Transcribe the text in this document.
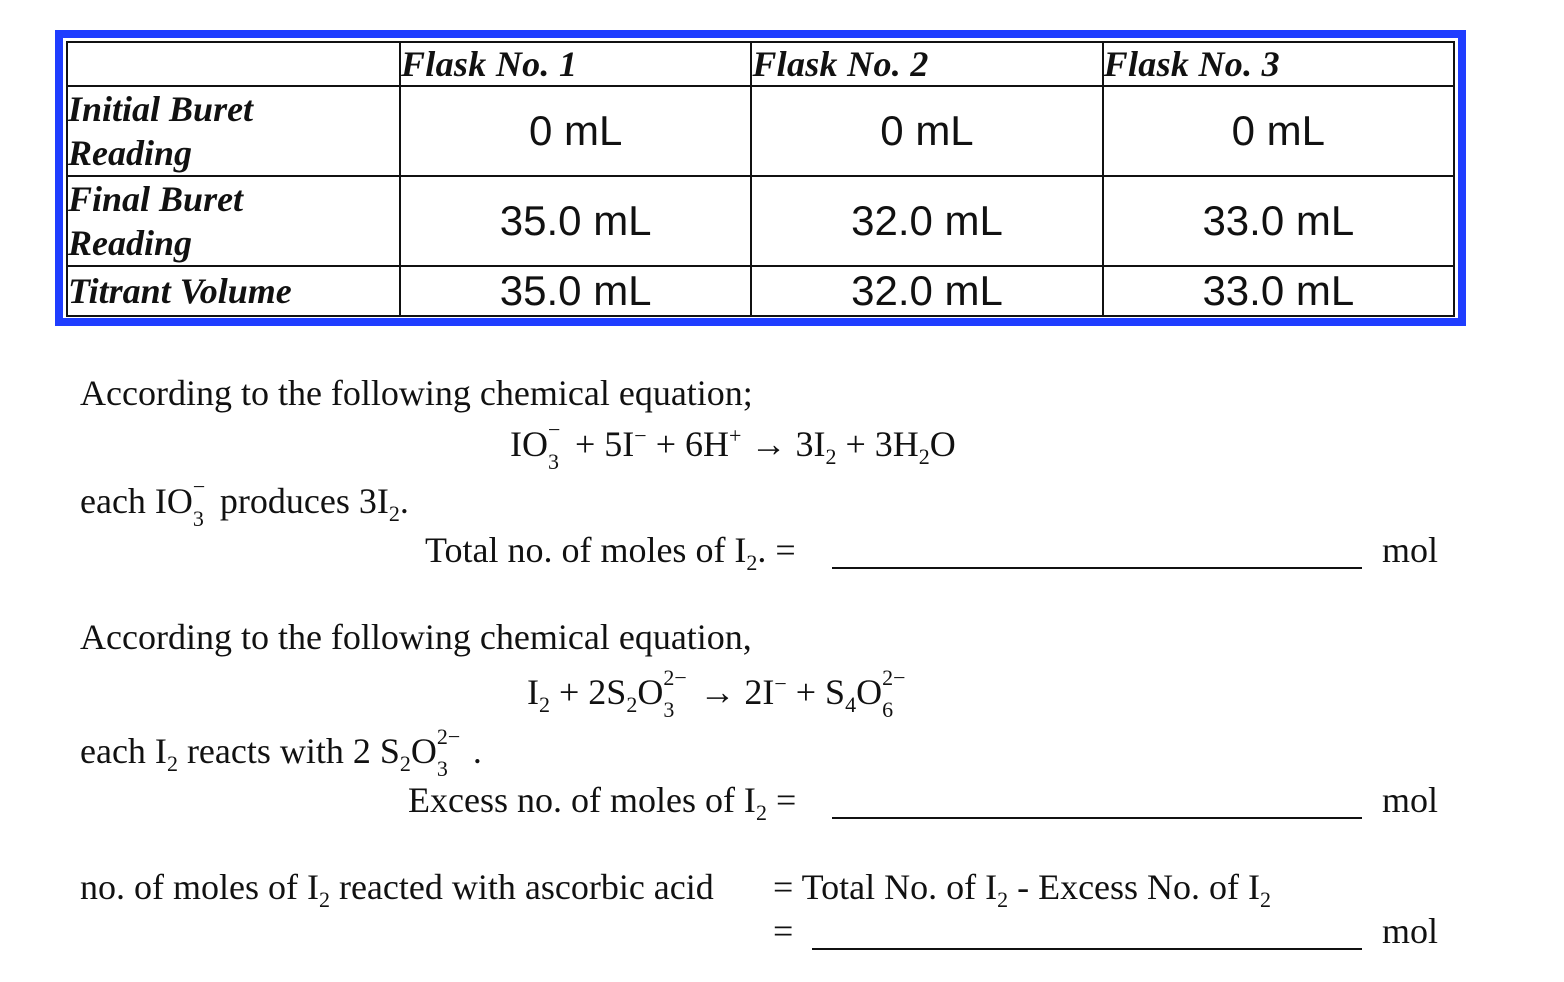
	Flask No. 1	Flask No. 2	Flask No. 3

Initial Buret
Reading	0 mL	0 mL	0 mL

Final Buret
Reading	35.0 mL	32.0 mL	33.0 mL

Titrant Volume	35.0 mL	32.0 mL	33.0 mL
According to the following chemical equation;
IO −
$3 + 5I^- + 6H^+ \to 3I_2 + 3H_2O$
each IO −
3 produces $3I_2$.
Total no. of moles of $I_2$. =	mol
According to the following chemical equation,
$I_2 + 2S_2O$ 2−
$3 \to 2I^- + S_4O$ 2−
6

each $I_2$ reacts with 2 $S_2O$ 2−
3 .
Excess no. of moles of $I_2$ =	mol
no. of moles of $I_2$ reacted with ascorbic acid = Total No. of $I_2$ - Excess No. of $I_2$
=	mol
